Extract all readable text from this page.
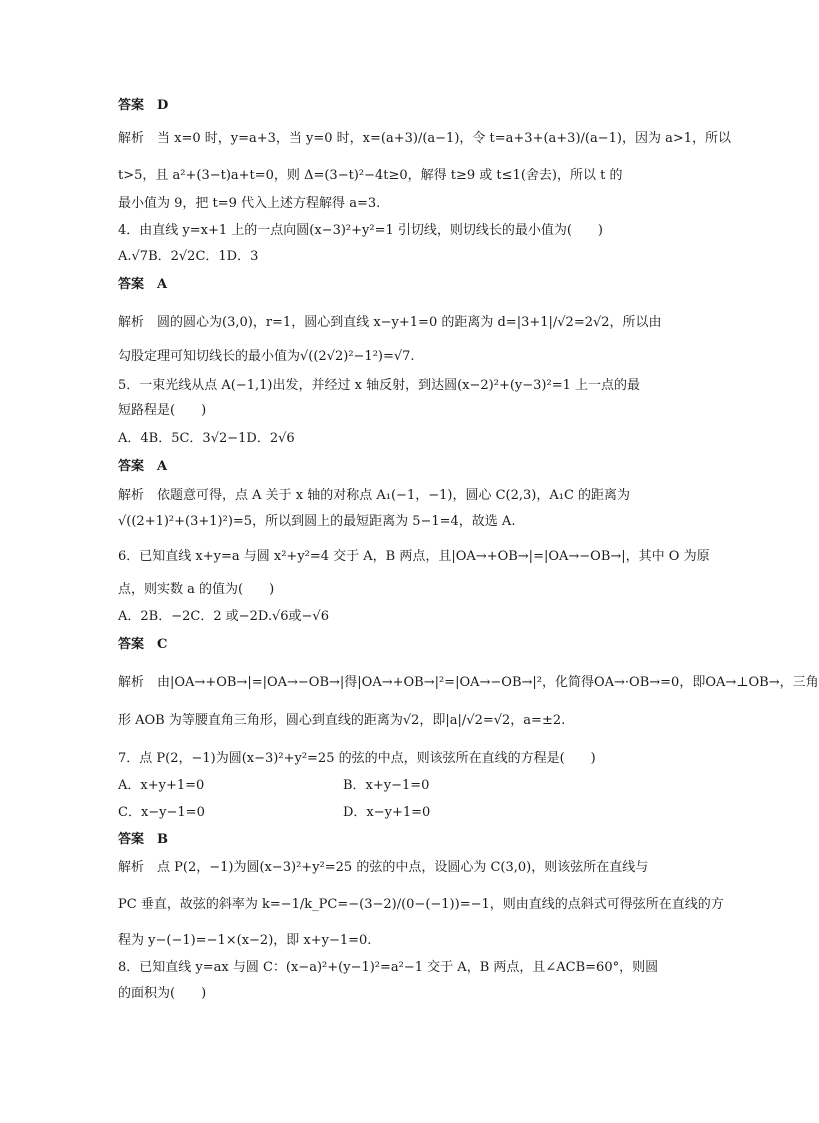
答案　D
解析　当 x=0 时，y=a+3，当 y=0 时，x=(a+3)/(a−1)，令 t=a+3+(a+3)/(a−1)，因为 a>1，所以
t>5，且 a²+(3−t)a+t=0，则 Δ=(3−t)²−4t≥0，解得 t≥9 或 t≤1(舍去)，所以 t 的
最小值为 9，把 t=9 代入上述方程解得 a=3.
4．由直线 y=x+1 上的一点向圆(x−3)²+y²=1 引切线，则切线长的最小值为(　　)
A.√7B．2√2C．1D．3
答案　A
解析　圆的圆心为(3,0)，r=1，圆心到直线 x−y+1=0 的距离为 d=|3+1|/√2=2√2，所以由
勾股定理可知切线长的最小值为√((2√2)²−1²)=√7.
5．一束光线从点 A(−1,1)出发，并经过 x 轴反射，到达圆(x−2)²+(y−3)²=1 上一点的最
短路程是(　　)
A．4B．5C．3√2−1D．2√6
答案　A
解析　依题意可得，点 A 关于 x 轴的对称点 A₁(−1，−1)，圆心 C(2,3)，A₁C 的距离为
√((2+1)²+(3+1)²)=5，所以到圆上的最短距离为 5−1=4，故选 A.
6．已知直线 x+y=a 与圆 x²+y²=4 交于 A，B 两点，且|OA→+OB→|=|OA→−OB→|，其中 O 为原
点，则实数 a 的值为(　　)
A．2B．−2C．2 或−2D.√6或−√6
答案　C
解析　由|OA→+OB→|=|OA→−OB→|得|OA→+OB→|²=|OA→−OB→|²，化简得OA→·OB→=0，即OA→⊥OB→，三角
形 AOB 为等腰直角三角形，圆心到直线的距离为√2，即|a|/√2=√2，a=±2.
7．点 P(2，−1)为圆(x−3)²+y²=25 的弦的中点，则该弦所在直线的方程是(　　)
A．x+y+1=0	B．x+y−1=0
C．x−y−1=0	D．x−y+1=0
答案　B
解析　点 P(2，−1)为圆(x−3)²+y²=25 的弦的中点，设圆心为 C(3,0)，则该弦所在直线与
PC 垂直，故弦的斜率为 k=−1/k_PC=−(3−2)/(0−(−1))=−1，则由直线的点斜式可得弦所在直线的方
程为 y−(−1)=−1×(x−2)，即 x+y−1=0.
8．已知直线 y=ax 与圆 C：(x−a)²+(y−1)²=a²−1 交于 A，B 两点，且∠ACB=60°，则圆
的面积为(　　)
